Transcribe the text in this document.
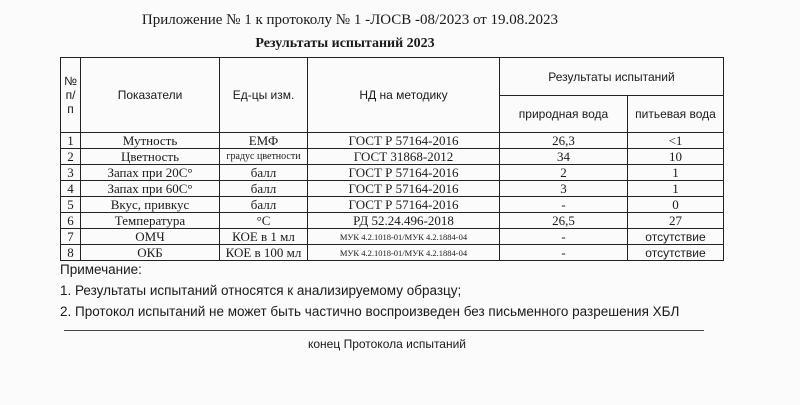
Приложение № 1 к протоколу № 1 -ЛОСВ -08/2023 от 19.08.2023
Результаты испытаний 2023
№ п/п	Показатели	Ед-цы изм.	НД на методику	Результаты испытаний	
				природная вода	питьевая вода
1	Мутность	ЕМФ	ГОСТ Р 57164-2016	26,3	<1
2	Цветность	градус цветности	ГОСТ 31868-2012	34	10
3	Запах при 20С°	балл	ГОСТ Р 57164-2016	2	1
4	Запах при 60С°	балл	ГОСТ Р 57164-2016	3	1
5	Вкус, привкус	балл	ГОСТ Р 57164-2016	-	0
6	Температура	°С	РД 52.24.496-2018	26,5	27
7	ОМЧ	КОЕ в 1 мл	МУК 4.2.1018-01/МУК 4.2.1884-04	-	отсутствие
8	ОКБ	КОЕ в 100 мл	МУК 4.2.1018-01/МУК 4.2.1884-04	-	отсутствие
Примечание:
1. Результаты испытаний относятся к анализируемому образцу;
2. Протокол испытаний не может быть частично воспроизведен без письменного разрешения ХБЛ
конец Протокола испытаний
